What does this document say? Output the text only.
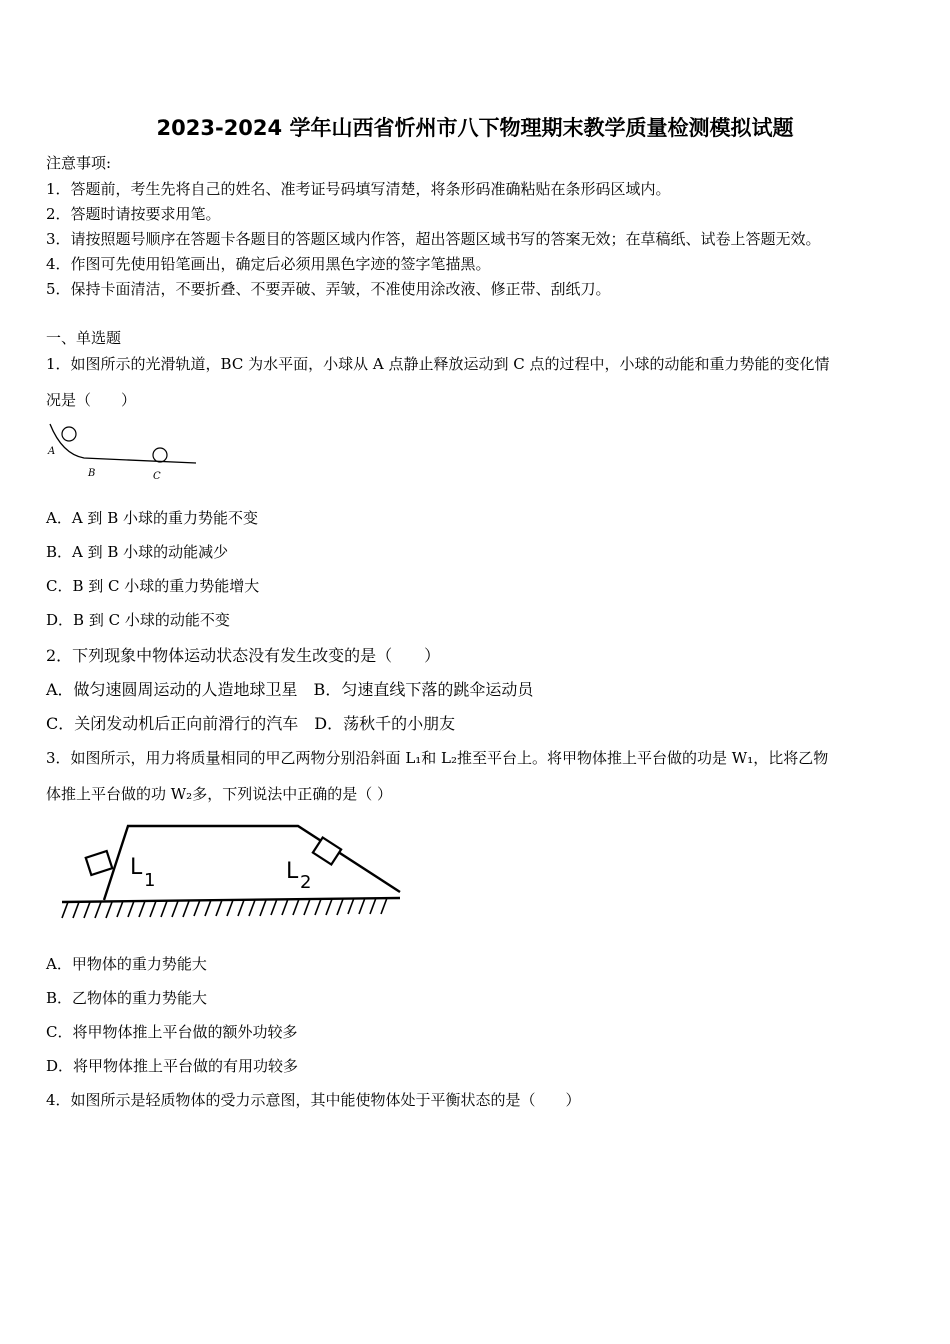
2023-2024 学年山西省忻州市八下物理期末教学质量检测模拟试题
注意事项:
1．答题前，考生先将自己的姓名、准考证号码填写清楚，将条形码准确粘贴在条形码区域内。
2．答题时请按要求用笔。
3．请按照题号顺序在答题卡各题目的答题区域内作答，超出答题区域书写的答案无效；在草稿纸、试卷上答题无效。
4．作图可先使用铅笔画出，确定后必须用黑色字迹的签字笔描黑。
5．保持卡面清洁，不要折叠、不要弄破、弄皱，不准使用涂改液、修正带、刮纸刀。
一、单选题
1．如图所示的光滑轨道，BC 为水平面，小球从 A 点静止释放运动到 C 点的过程中，小球的动能和重力势能的变化情
况是（　　）
A
B	C
A．A 到 B 小球的重力势能不变
B．A 到 B 小球的动能减少
C．B 到 C 小球的重力势能增大
D．B 到 C 小球的动能不变
2．下列现象中物体运动状态没有发生改变的是（　　）
A．做匀速圆周运动的人造地球卫星　B．匀速直线下落的跳伞运动员
C．关闭发动机后正向前滑行的汽车　D．荡秋千的小朋友
3．如图所示，用力将质量相同的甲乙两物分别沿斜面 L₁和 L₂推至平台上。将甲物体推上平台做的功是 W₁，比将乙物
体推上平台做的功 W₂多，下列说法中正确的是（ ）
L
1	L 2
A．甲物体的重力势能大
B．乙物体的重力势能大
C．将甲物体推上平台做的额外功较多
D．将甲物体推上平台做的有用功较多
4．如图所示是轻质物体的受力示意图，其中能使物体处于平衡状态的是（　　）
